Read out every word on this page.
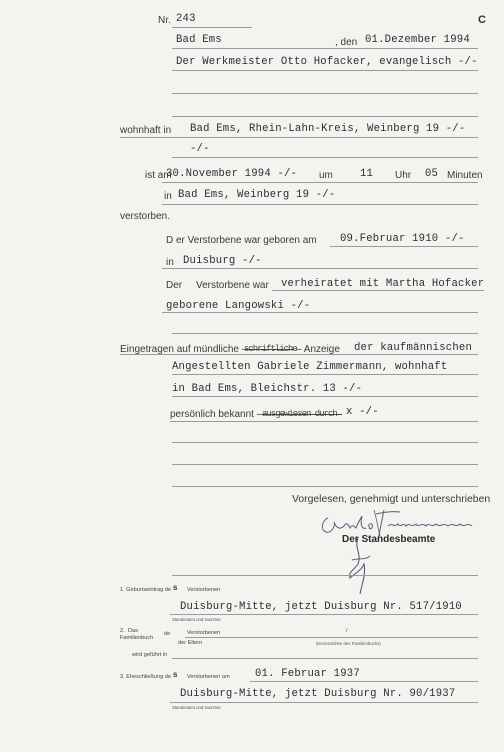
Nr. 243	C
Bad Ems	, den 01.Dezember 1994
Der Werkmeister Otto Hofacker, evangelisch -/-
wohnhaft in Bad Ems, Rhein-Lahn-Kreis, Weinberg 19 -/-
-/-
ist am
30.November 1994 -/- um	11 Uhr 05 Minuten
in Bad Ems, Weinberg 19 -/-
verstorben.
D er Verstorbene war geboren am 09.Februar 1910 -/-
in Duisburg -/-
Der Verstorbene war verheiratet mit Martha Hofacker
geborene Langowski -/-
Eingetragen auf mündliche –
schriftliche – Anzeige der kaufmännischen
Angestellten Gabriele Zimmermann, wohnhaft
in Bad Ems, Bleichstr. 13 -/-
persönlich bekannt – ausgewiesen durch x -/-
Vorgelesen, genehmigt und unterschrieben
Der Standesbeamte
1. Geburtseintrag de s Verstorbenen
Duisburg-Mitte, jetzt Duisburg Nr. 517/1910
Standesamt und Nummer
2. Das
Familienbuch
de	Verstorbenen	/
der Eltern	(Kennzeichen des Familienbuchs)
wird geführt in
3. Eheschließung de s Verstorbenen am 01. Februar 1937
Duisburg-Mitte, jetzt Duisburg Nr. 90/1937
Standesamt und Nummer
